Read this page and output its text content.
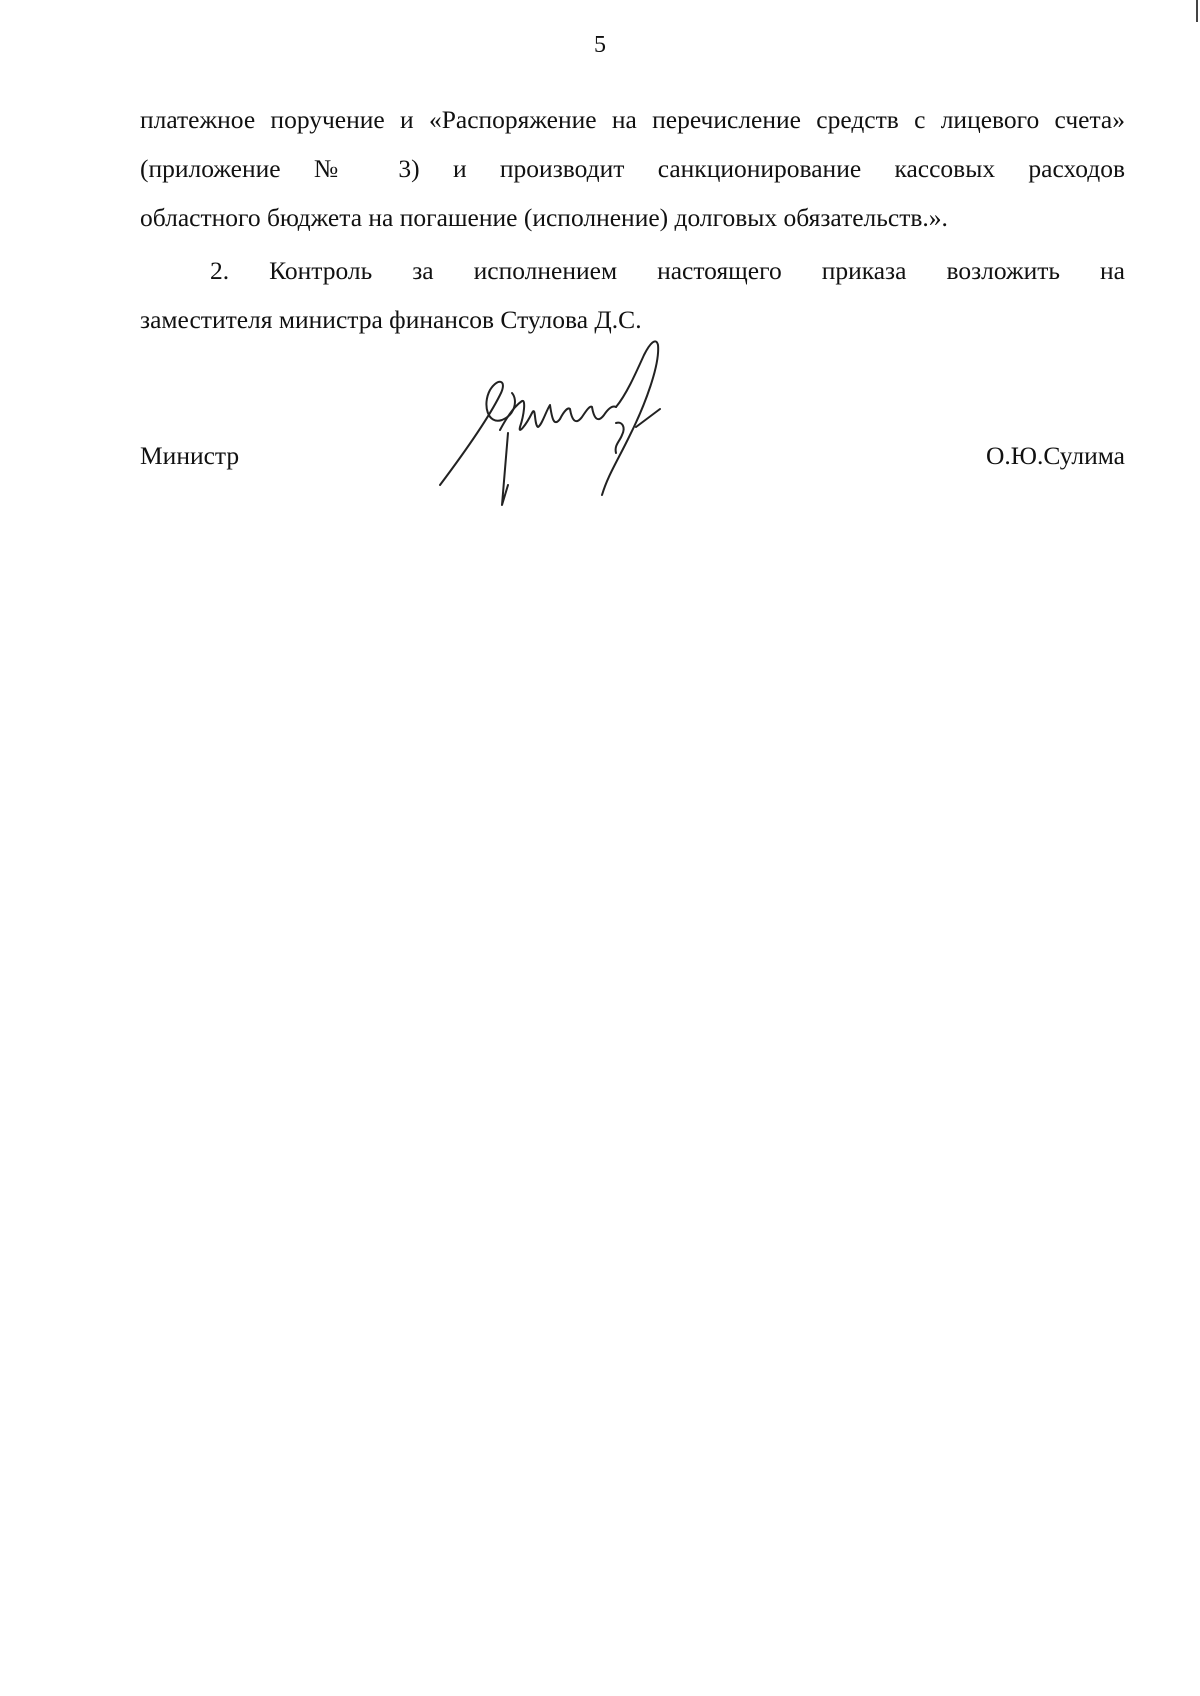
5
платежное поручение и «Распоряжение на перечисление средств с лицевого счета» (приложение № 3) и производит санкционирование кассовых расходов
областного бюджета на погашение (исполнение) долговых обязательств.».
2. Контроль за исполнением настоящего приказа возложить на
заместителя министра финансов Стулова Д.С.
Министр	О.Ю.Сулима
